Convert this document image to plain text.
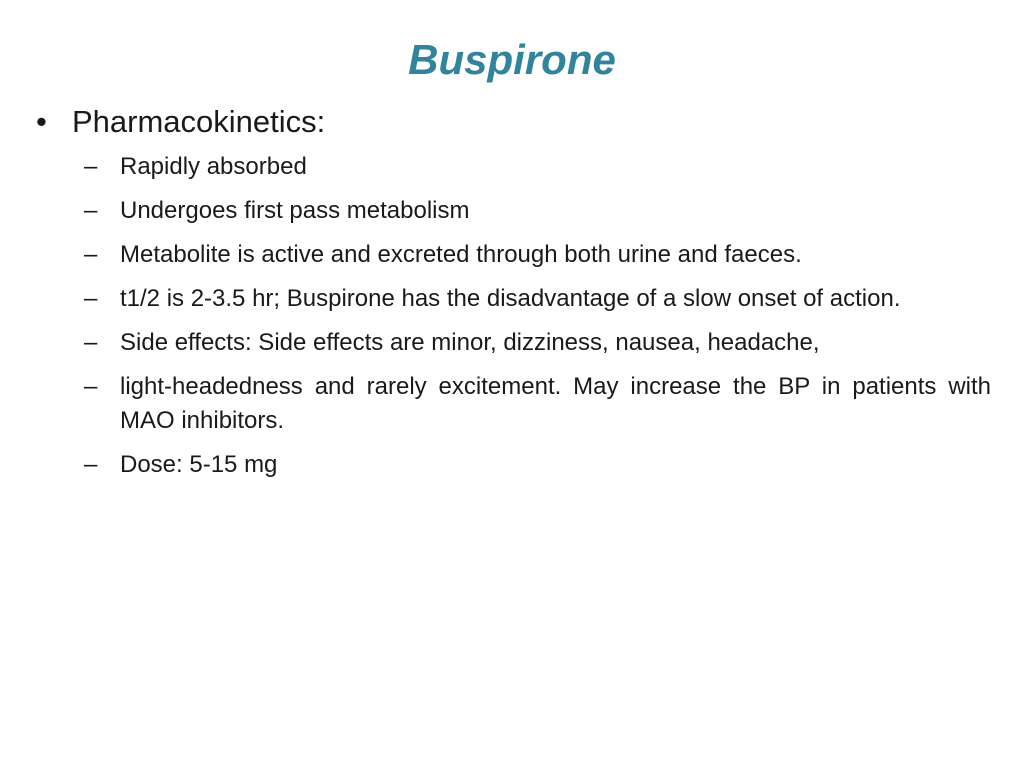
Buspirone
• Pharmacokinetics:
– Rapidly absorbed
– Undergoes first pass metabolism
– Metabolite is active and excreted through both urine and faeces.
– t1/2 is 2-3.5 hr; Buspirone has the disadvantage of a slow onset of action.
– Side effects: Side effects are minor, dizziness, nausea, headache,
– light-headedness and rarely excitement. May increase the BP in patients with MAO inhibitors.
– Dose: 5-15 mg
